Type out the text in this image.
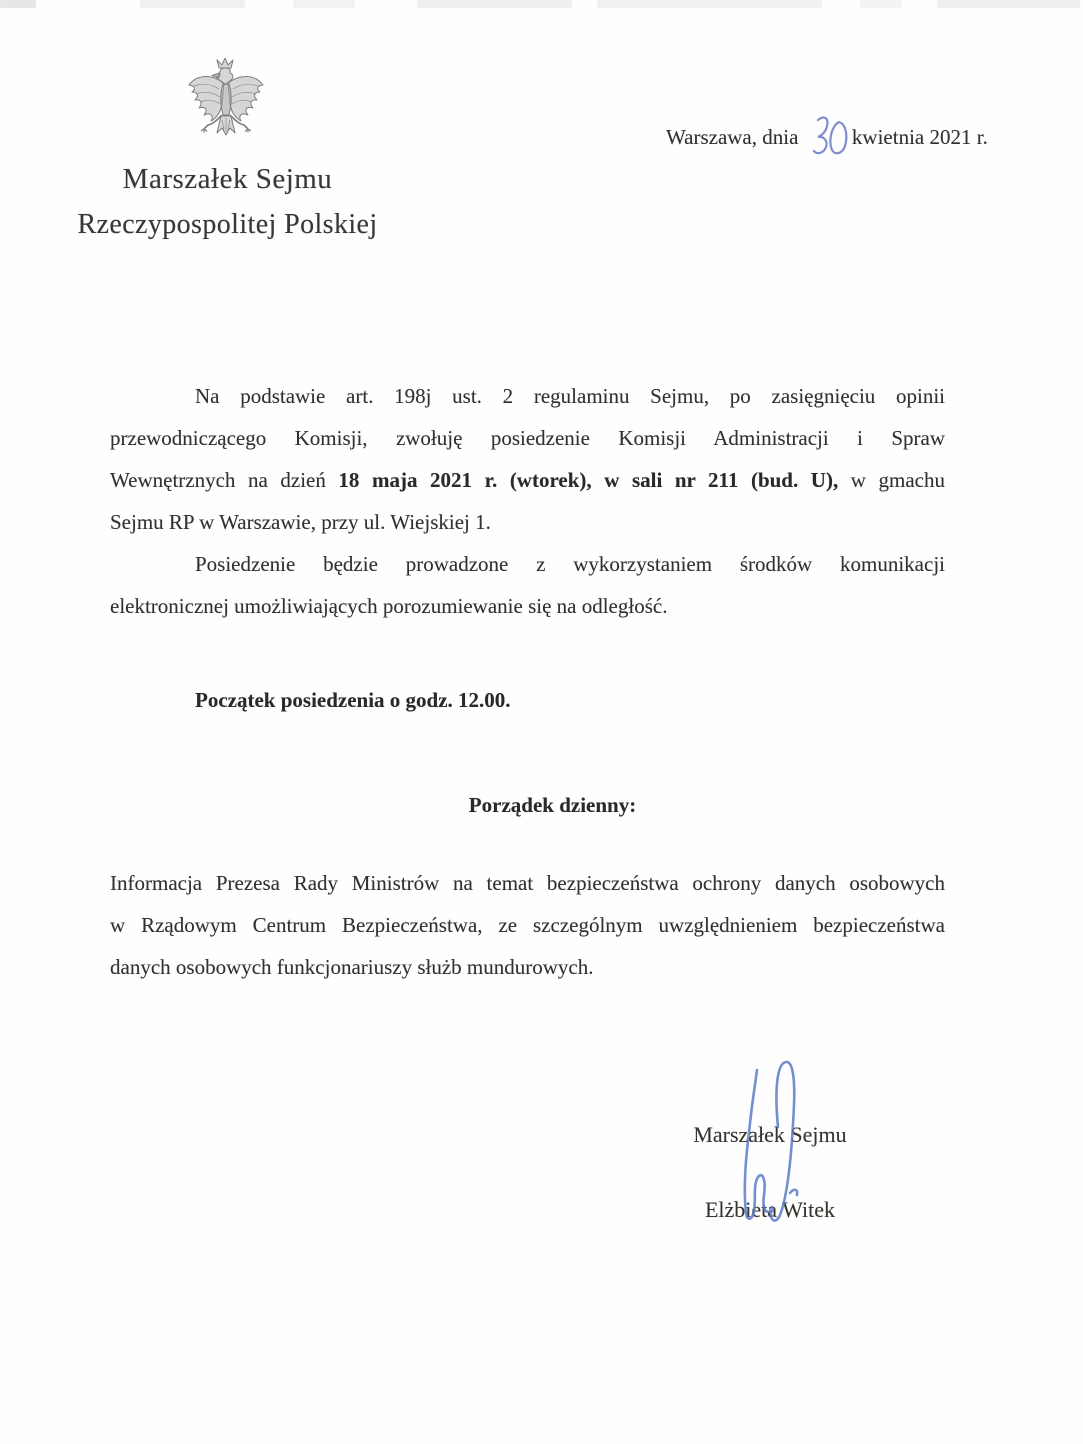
Marszałek Sejmu
Rzeczypospolitej Polskiej
Warszawa, dnia	kwietnia 2021 r.
Na podstawie art. 198j ust. 2 regulaminu Sejmu, po zasięgnięciu opinii
przewodniczącego Komisji, zwołuję posiedzenie Komisji Administracji i Spraw
Wewnętrznych na dzień 18 maja 2021 r. (wtorek), w sali nr 211 (bud. U), w gmachu
Sejmu RP w Warszawie, przy ul. Wiejskiej 1.
Posiedzenie będzie prowadzone z wykorzystaniem środków komunikacji
elektronicznej umożliwiających porozumiewanie się na odległość.
Początek posiedzenia o godz. 12.00.
Porządek dzienny:
Informacja Prezesa Rady Ministrów na temat bezpieczeństwa ochrony danych osobowych
w Rządowym Centrum Bezpieczeństwa, ze szczególnym uwzględnieniem bezpieczeństwa
danych osobowych funkcjonariuszy służb mundurowych.
Marszałek Sejmu
Elżbieta Witek
